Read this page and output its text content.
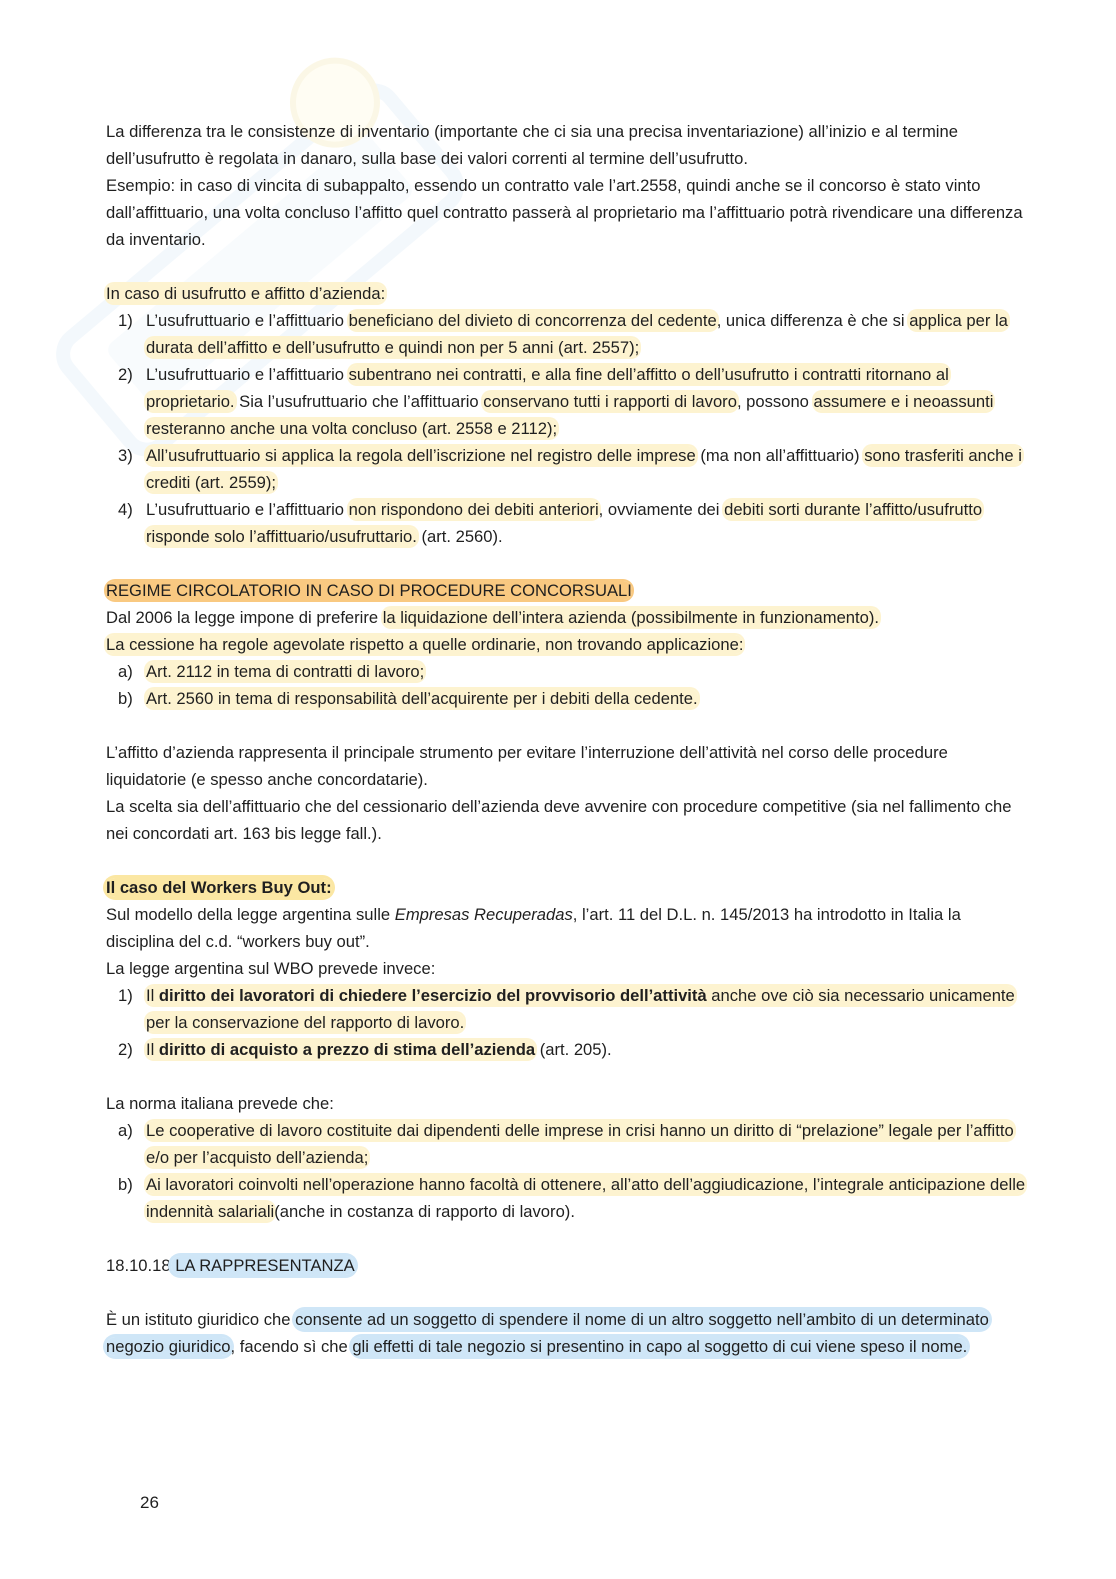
La differenza tra le consistenze di inventario (importante che ci sia una precisa inventariazione) all’inizio e al termine dell’usufrutto è regolata in danaro, sulla base dei valori correnti al termine dell’usufrutto.

Esempio: in caso di vincita di subappalto, essendo un contratto vale l’art.2558, quindi anche se il concorso è stato vinto dall’affittuario, una volta concluso l’affitto quel contratto passerà al proprietario ma l’affittuario potrà rivendicare una differenza da inventario.

In caso di usufrutto e affitto d’azienda:

1) L’usufruttuario e l’affittuario beneficiano del divieto di concorrenza del cedente, unica differenza è che si applica per la durata dell’affitto e dell’usufrutto e quindi non per 5 anni (art. 2557);
2) L’usufruttuario e l’affittuario subentrano nei contratti, e alla fine dell’affitto o dell’usufrutto i contratti ritornano al proprietario. Sia l’usufruttuario che l’affittuario conservano tutti i rapporti di lavoro, possono assumere e i neoassunti resteranno anche una volta concluso (art. 2558 e 2112);
3) All’usufruttuario si applica la regola dell’iscrizione nel registro delle imprese (ma non all’affittuario) sono trasferiti anche i crediti (art. 2559);
4) L’usufruttuario e l’affittuario non rispondono dei debiti anteriori, ovviamente dei debiti sorti durante l’affitto/usufrutto risponde solo l’affittuario/usufruttario. (art. 2560).

REGIME CIRCOLATORIO IN CASO DI PROCEDURE CONCORSUALI

Dal 2006 la legge impone di preferire la liquidazione dell’intera azienda (possibilmente in funzionamento).

La cessione ha regole agevolate rispetto a quelle ordinarie, non trovando applicazione:

a) Art. 2112 in tema di contratti di lavoro;
b) Art. 2560 in tema di responsabilità dell’acquirente per i debiti della cedente.

L’affitto d’azienda rappresenta il principale strumento per evitare l’interruzione dell’attività nel corso delle procedure liquidatorie (e spesso anche concordatarie).

La scelta sia dell’affittuario che del cessionario dell’azienda deve avvenire con procedure competitive (sia nel fallimento che nei concordati art. 163 bis legge fall.).

Il caso del Workers Buy Out:

Sul modello della legge argentina sulle Empresas Recuperadas, l’art. 11 del D.L. n. 145/2013 ha introdotto in Italia la disciplina del c.d. “workers buy out”.

La legge argentina sul WBO prevede invece:

1) Il diritto dei lavoratori di chiedere l’esercizio del provvisorio dell’attività anche ove ciò sia necessario unicamente per la conservazione del rapporto di lavoro.
2) Il diritto di acquisto a prezzo di stima dell’azienda (art. 205).

La norma italiana prevede che:

a) Le cooperative di lavoro costituite dai dipendenti delle imprese in crisi hanno un diritto di “prelazione” legale per l’affitto e/o per l’acquisto dell’azienda;
b) Ai lavoratori coinvolti nell’operazione hanno facoltà di ottenere, all’atto dell’aggiudicazione, l’integrale anticipazione delle indennità salariali(anche in costanza di rapporto di lavoro).

18.10.18 LA RAPPRESENTANZA

È un istituto giuridico che consente ad un soggetto di spendere il nome di un altro soggetto nell’ambito di un determinato negozio giuridico, facendo sì che gli effetti di tale negozio si presentino in capo al soggetto di cui viene speso il nome.

26
